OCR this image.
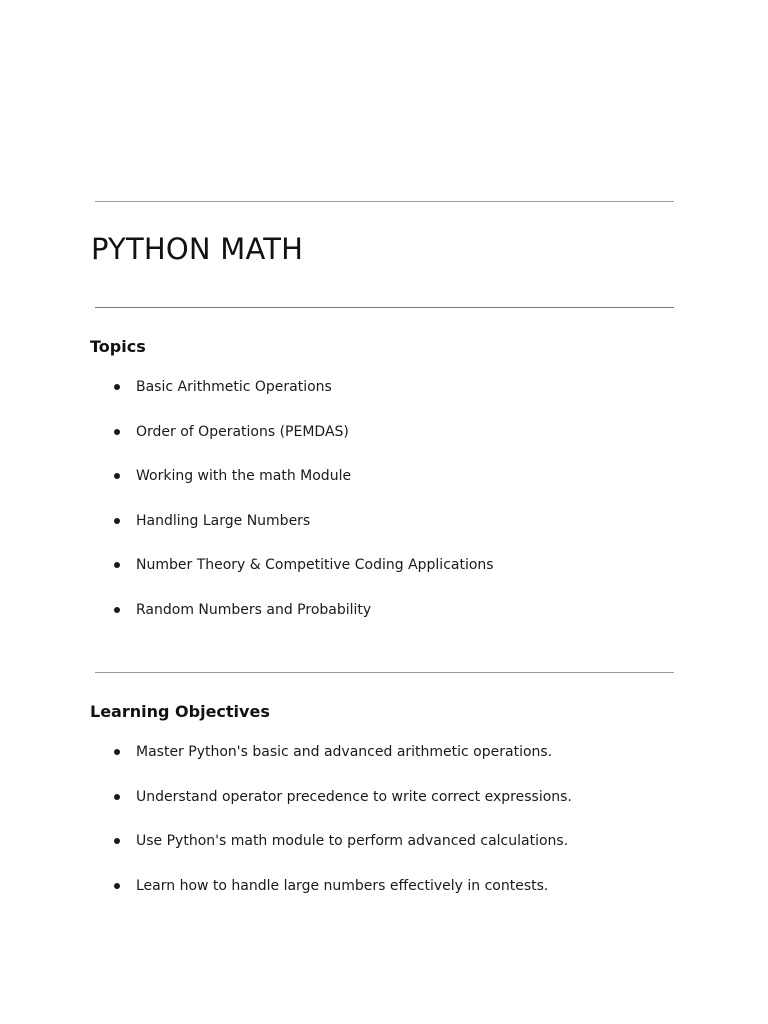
PYTHON MATH
Topics
Basic Arithmetic Operations
Order of Operations (PEMDAS)
Working with the math Module
Handling Large Numbers
Number Theory & Competitive Coding Applications
Random Numbers and Probability
Learning Objectives
Master Python's basic and advanced arithmetic operations.
Understand operator precedence to write correct expressions.
Use Python's math module to perform advanced calculations.
Learn how to handle large numbers effectively in contests.
